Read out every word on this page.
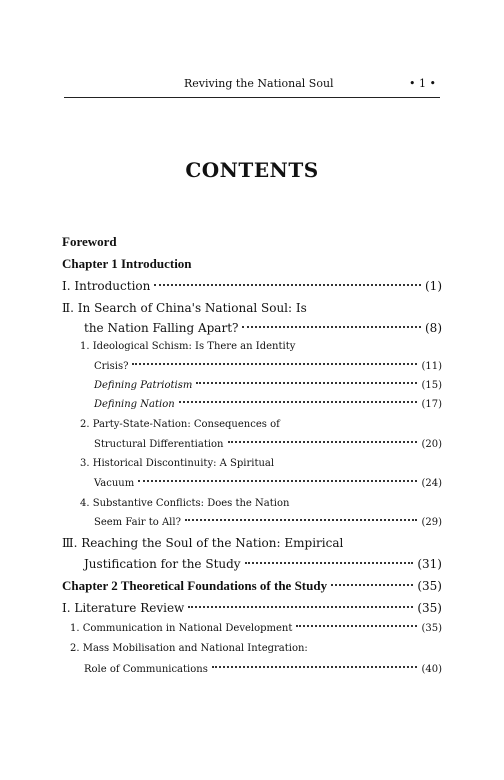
Reviving the National Soul	• 1 •
CONTENTS
Foreword
Chapter 1 Introduction
Ⅰ. Introduction	(1)
Ⅱ. In Search of China's National Soul: Is
the Nation Falling Apart?	(8)
1. Ideological Schism: Is There an Identity
Crisis?	(11)
Defining Patriotism	(15)
Defining Nation	(17)
2. Party-State-Nation: Consequences of
Structural Differentiation	(20)
3. Historical Discontinuity: A Spiritual
Vacuum	(24)
4. Substantive Conflicts: Does the Nation
Seem Fair to All?	(29)
Ⅲ. Reaching the Soul of the Nation: Empirical
Justification for the Study	(31)
Chapter 2 Theoretical Foundations of the Study	(35)
Ⅰ. Literature Review	(35)
1. Communication in National Development	(35)
2. Mass Mobilisation and National Integration:
Role of Communications	(40)
